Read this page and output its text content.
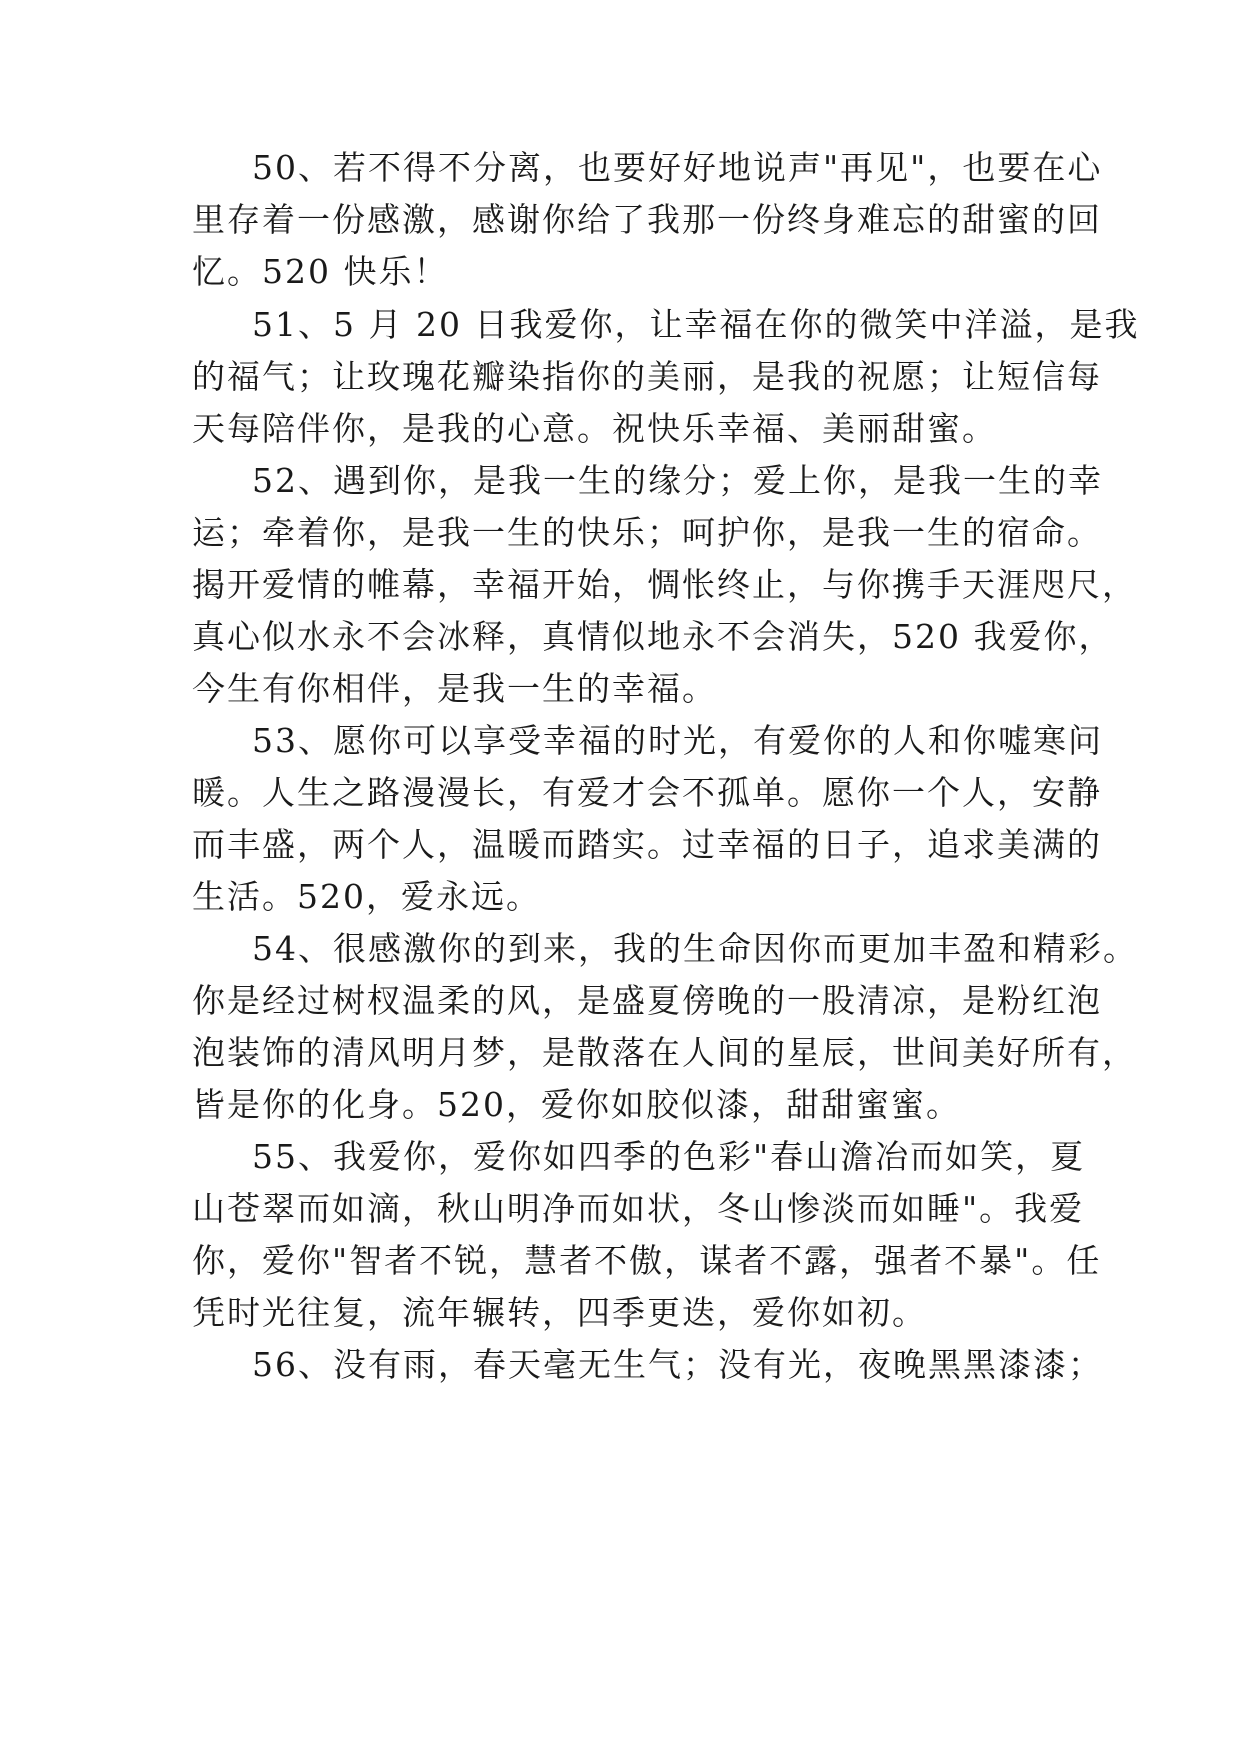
50、若不得不分离，也要好好地说声"再见"，也要在心
里存着一份感激，感谢你给了我那一份终身难忘的甜蜜的回
忆。520 快乐！
51、5 月 20 日我爱你，让幸福在你的微笑中洋溢，是我
的福气；让玫瑰花瓣染指你的美丽，是我的祝愿；让短信每
天每陪伴你，是我的心意。祝快乐幸福、美丽甜蜜。
52、遇到你，是我一生的缘分；爱上你，是我一生的幸
运；牵着你，是我一生的快乐；呵护你，是我一生的宿命。
揭开爱情的帷幕，幸福开始，惆怅终止，与你携手天涯咫尺，
真心似水永不会冰释，真情似地永不会消失，520 我爱你，
今生有你相伴，是我一生的幸福。
53、愿你可以享受幸福的时光，有爱你的人和你嘘寒问
暖。人生之路漫漫长，有爱才会不孤单。愿你一个人，安静
而丰盛，两个人，温暖而踏实。过幸福的日子，追求美满的
生活。520，爱永远。
54、很感激你的到来，我的生命因你而更加丰盈和精彩。
你是经过树杈温柔的风，是盛夏傍晚的一股清凉，是粉红泡
泡装饰的清风明月梦，是散落在人间的星辰，世间美好所有，
皆是你的化身。520，爱你如胶似漆，甜甜蜜蜜。
55、我爱你，爱你如四季的色彩"春山澹冶而如笑，夏
山苍翠而如滴，秋山明净而如状，冬山惨淡而如睡"。我爱
你，爱你"智者不锐，慧者不傲，谋者不露，强者不暴"。任
凭时光往复，流年辗转，四季更迭，爱你如初。
56、没有雨，春天毫无生气；没有光，夜晚黑黑漆漆；
